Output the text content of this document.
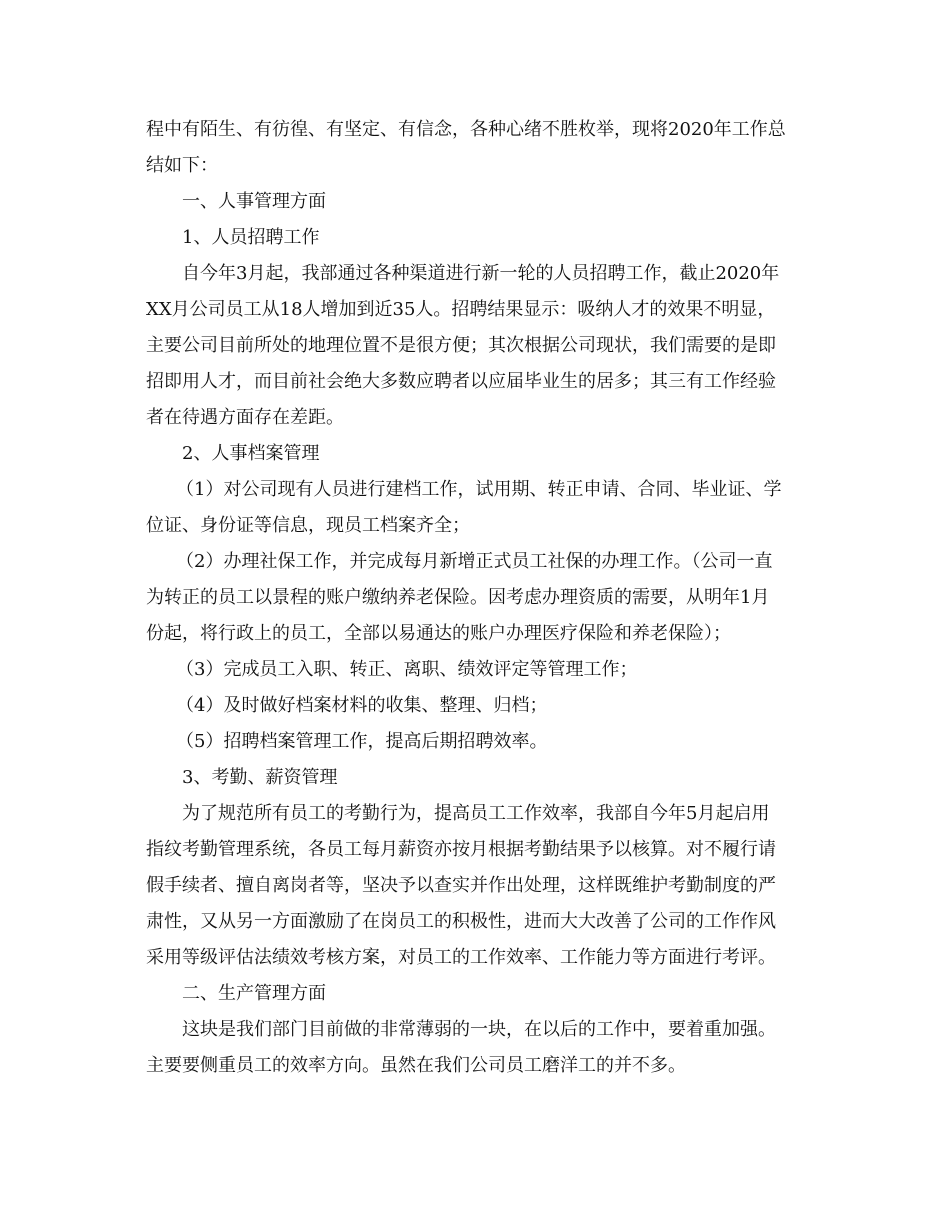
程中有陌生、有彷徨、有坚定、有信念，各种心绪不胜枚举，现将2020年工作总

结如下：

一、人事管理方面

1、人员招聘工作

自今年3月起，我部通过各种渠道进行新一轮的人员招聘工作，截止2020年

XX月公司员工从18人增加到近35人。招聘结果显示：吸纳人才的效果不明显，

主要公司目前所处的地理位置不是很方便；其次根据公司现状，我们需要的是即

招即用人才，而目前社会绝大多数应聘者以应届毕业生的居多；其三有工作经验

者在待遇方面存在差距。

2、人事档案管理

（1）对公司现有人员进行建档工作，试用期、转正申请、合同、毕业证、学

位证、身份证等信息，现员工档案齐全；

（2）办理社保工作，并完成每月新增正式员工社保的办理工作。（公司一直

为转正的员工以景程的账户缴纳养老保险。因考虑办理资质的需要，从明年1月

份起，将行政上的员工，全部以易通达的账户办理医疗保险和养老保险）；

（3）完成员工入职、转正、离职、绩效评定等管理工作；

（4）及时做好档案材料的收集、整理、归档；

（5）招聘档案管理工作，提高后期招聘效率。

3、考勤、薪资管理

为了规范所有员工的考勤行为，提高员工工作效率，我部自今年5月起启用

指纹考勤管理系统，各员工每月薪资亦按月根据考勤结果予以核算。对不履行请

假手续者、擅自离岗者等，坚决予以查实并作出处理，这样既维护考勤制度的严

肃性，又从另一方面激励了在岗员工的积极性，进而大大改善了公司的工作作风

采用等级评估法绩效考核方案，对员工的工作效率、工作能力等方面进行考评。

二、生产管理方面

这块是我们部门目前做的非常薄弱的一块，在以后的工作中，要着重加强。

主要要侧重员工的效率方向。虽然在我们公司员工磨洋工的并不多。
